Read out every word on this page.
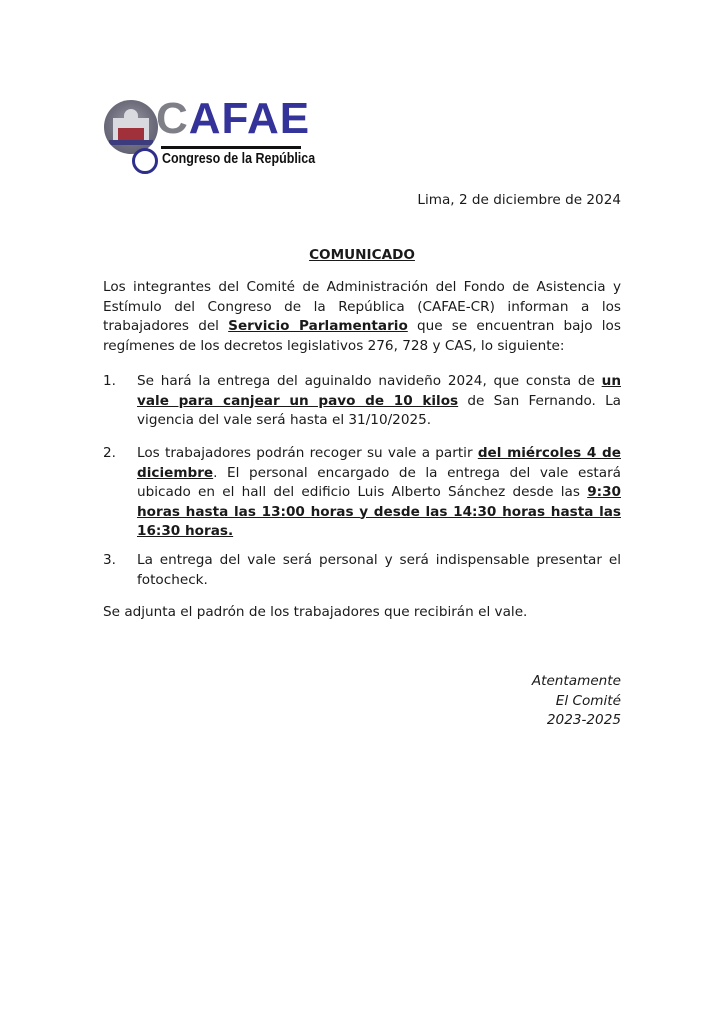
CAFAE
Congreso de la República
Lima, 2 de diciembre de 2024
COMUNICADO
Los integrantes del Comité de Administración del Fondo de Asistencia y Estímulo del Congreso de la República (CAFAE-CR) informan a los trabajadores del Servicio Parlamentario que se encuentran bajo los regímenes de los decretos legislativos 276, 728 y CAS, lo siguiente:
1. Se hará la entrega del aguinaldo navideño 2024, que consta de un vale para canjear un pavo de 10 kilos de San Fernando. La vigencia del vale será hasta el 31/10/2025.
2. Los trabajadores podrán recoger su vale a partir del miércoles 4 de diciembre. El personal encargado de la entrega del vale estará ubicado en el hall del edificio Luis Alberto Sánchez desde las 9:30 horas hasta las 13:00 horas y desde las 14:30 horas hasta las 16:30 horas.
3. La entrega del vale será personal y será indispensable presentar el fotocheck.
Se adjunta el padrón de los trabajadores que recibirán el vale.
Atentamente
El Comité
2023-2025
